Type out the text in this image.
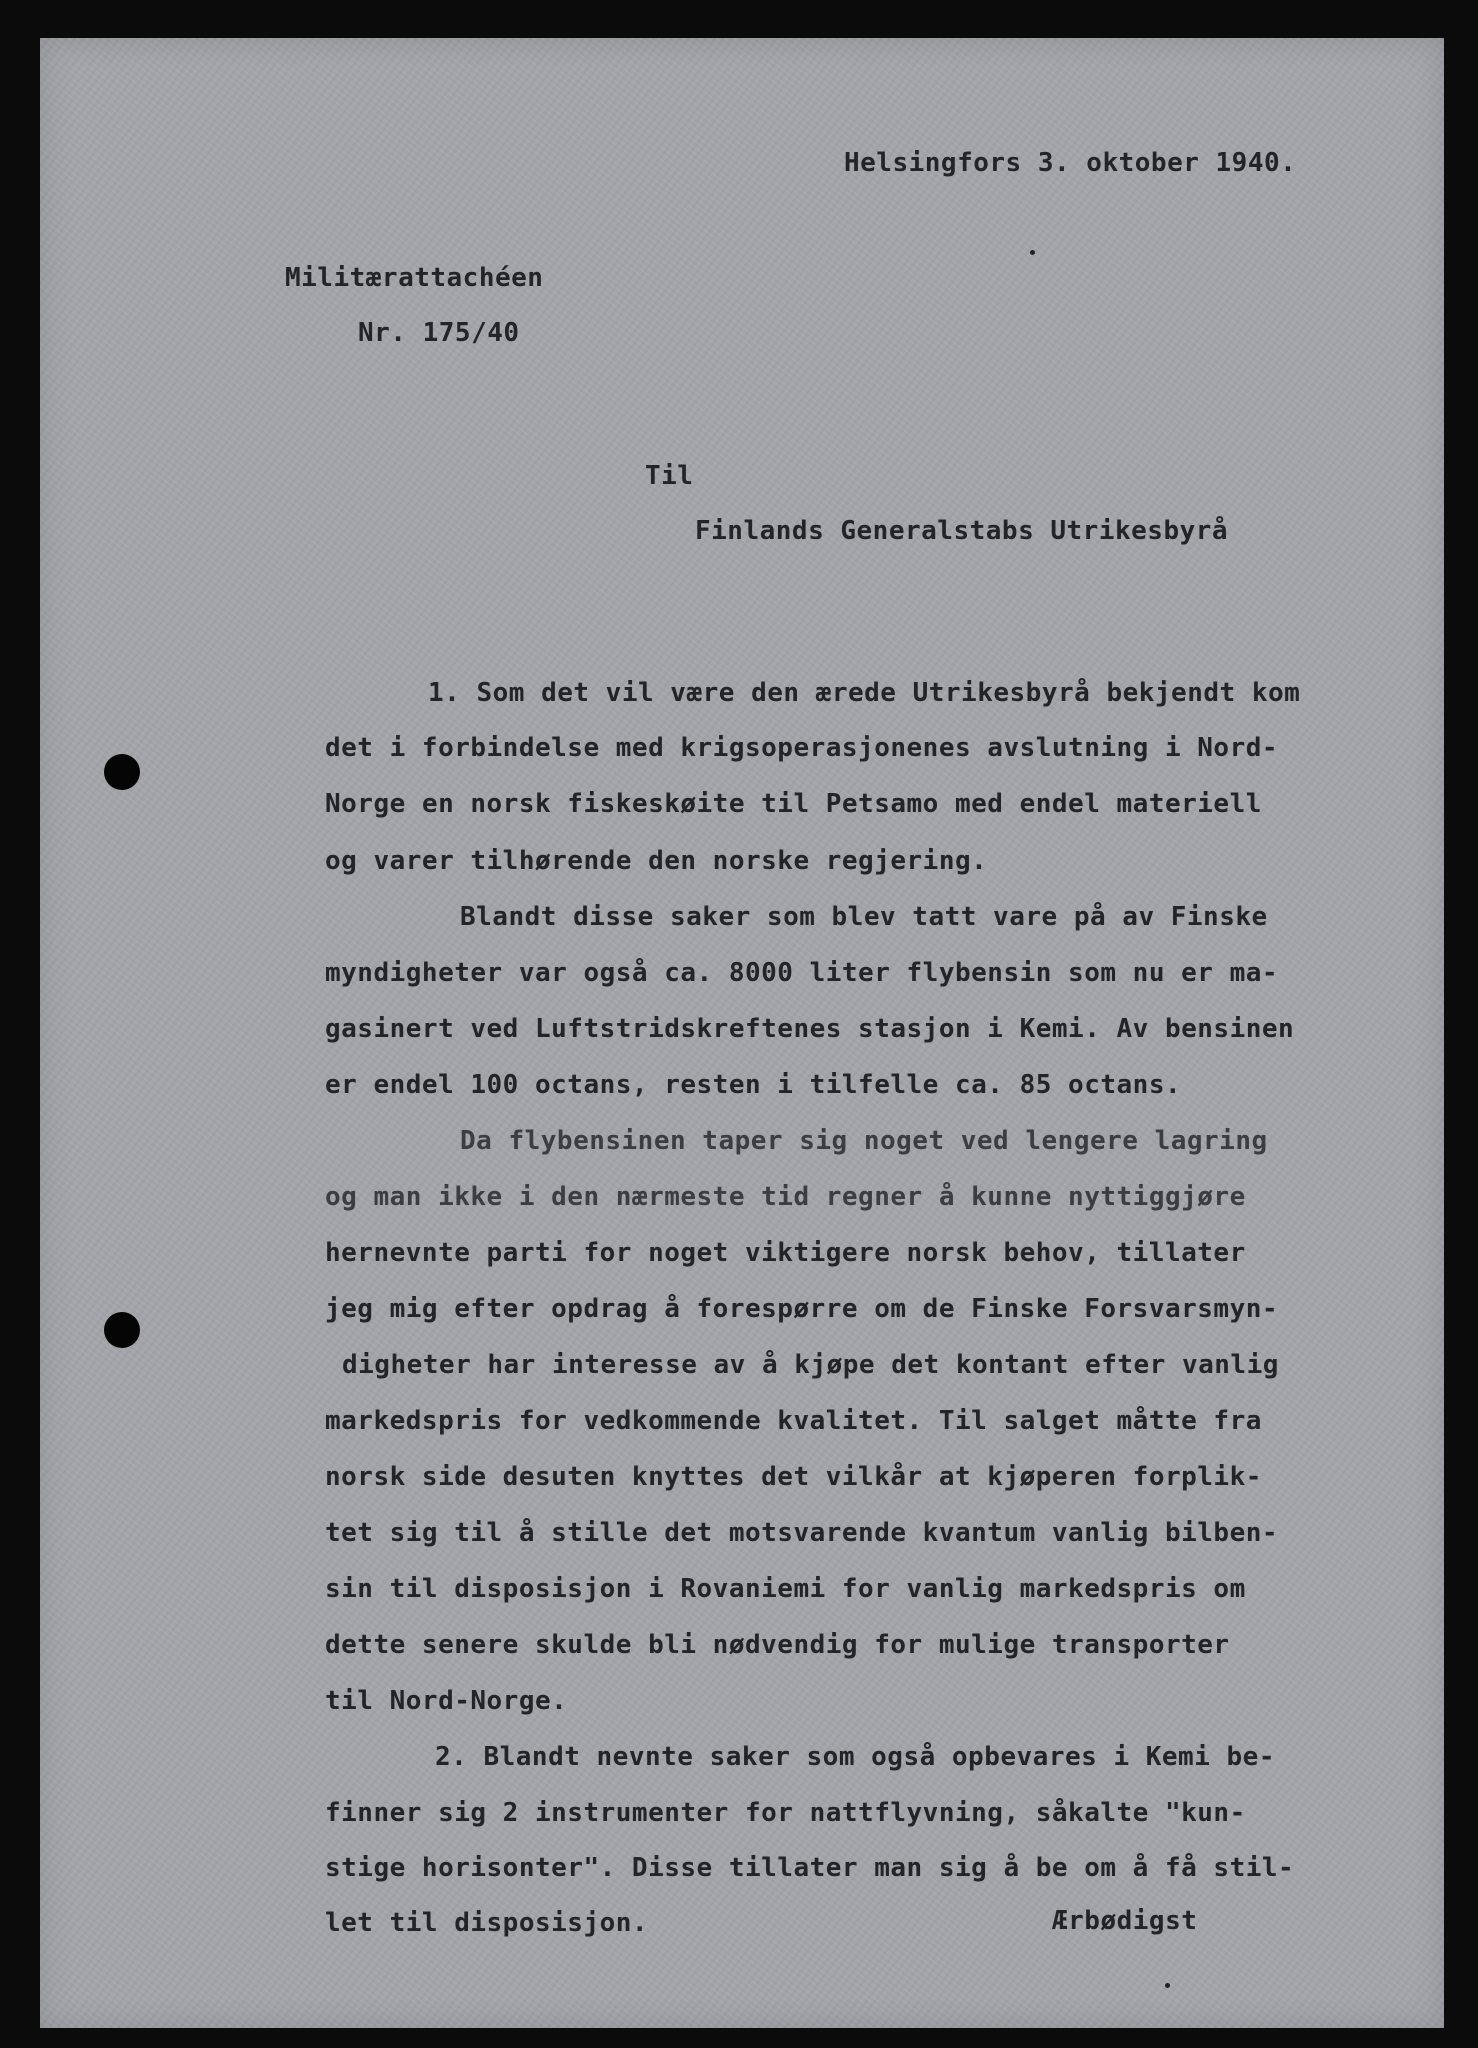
Helsingfors 3. oktober 1940.

Militærattachéen

Nr. 175/40

Til

Finlands Generalstabs Utrikesbyrå

1. Som det vil være den ærede Utrikesbyrå bekjendt kom

det i forbindelse med krigsoperasjonenes avslutning i Nord-

Norge en norsk fiskeskøite til Petsamo med endel materiell

og varer tilhørende den norske regjering.

Blandt disse saker som blev tatt vare på av Finske

myndigheter var også ca. 8000 liter flybensin som nu er ma-

gasinert ved Luftstridskreftenes stasjon i Kemi. Av bensinen

er endel 100 octans, resten i tilfelle ca. 85 octans.

Da flybensinen taper sig noget ved lengere lagring

og man ikke i den nærmeste tid regner å kunne nyttiggjøre

hernevnte parti for noget viktigere norsk behov, tillater

jeg mig efter opdrag å forespørre om de Finske Forsvarsmyn-

digheter har interesse av å kjøpe det kontant efter vanlig

markedspris for vedkommende kvalitet. Til salget måtte fra

norsk side desuten knyttes det vilkår at kjøperen forplik-

tet sig til å stille det motsvarende kvantum vanlig bilben-

sin til disposisjon i Rovaniemi for vanlig markedspris om

dette senere skulde bli nødvendig for mulige transporter

til Nord-Norge.

2. Blandt nevnte saker som også opbevares i Kemi be-

finner sig 2 instrumenter for nattflyvning, såkalte "kun-

stige horisonter". Disse tillater man sig å be om å få stil-

let til disposisjon.	Ærbødigst
